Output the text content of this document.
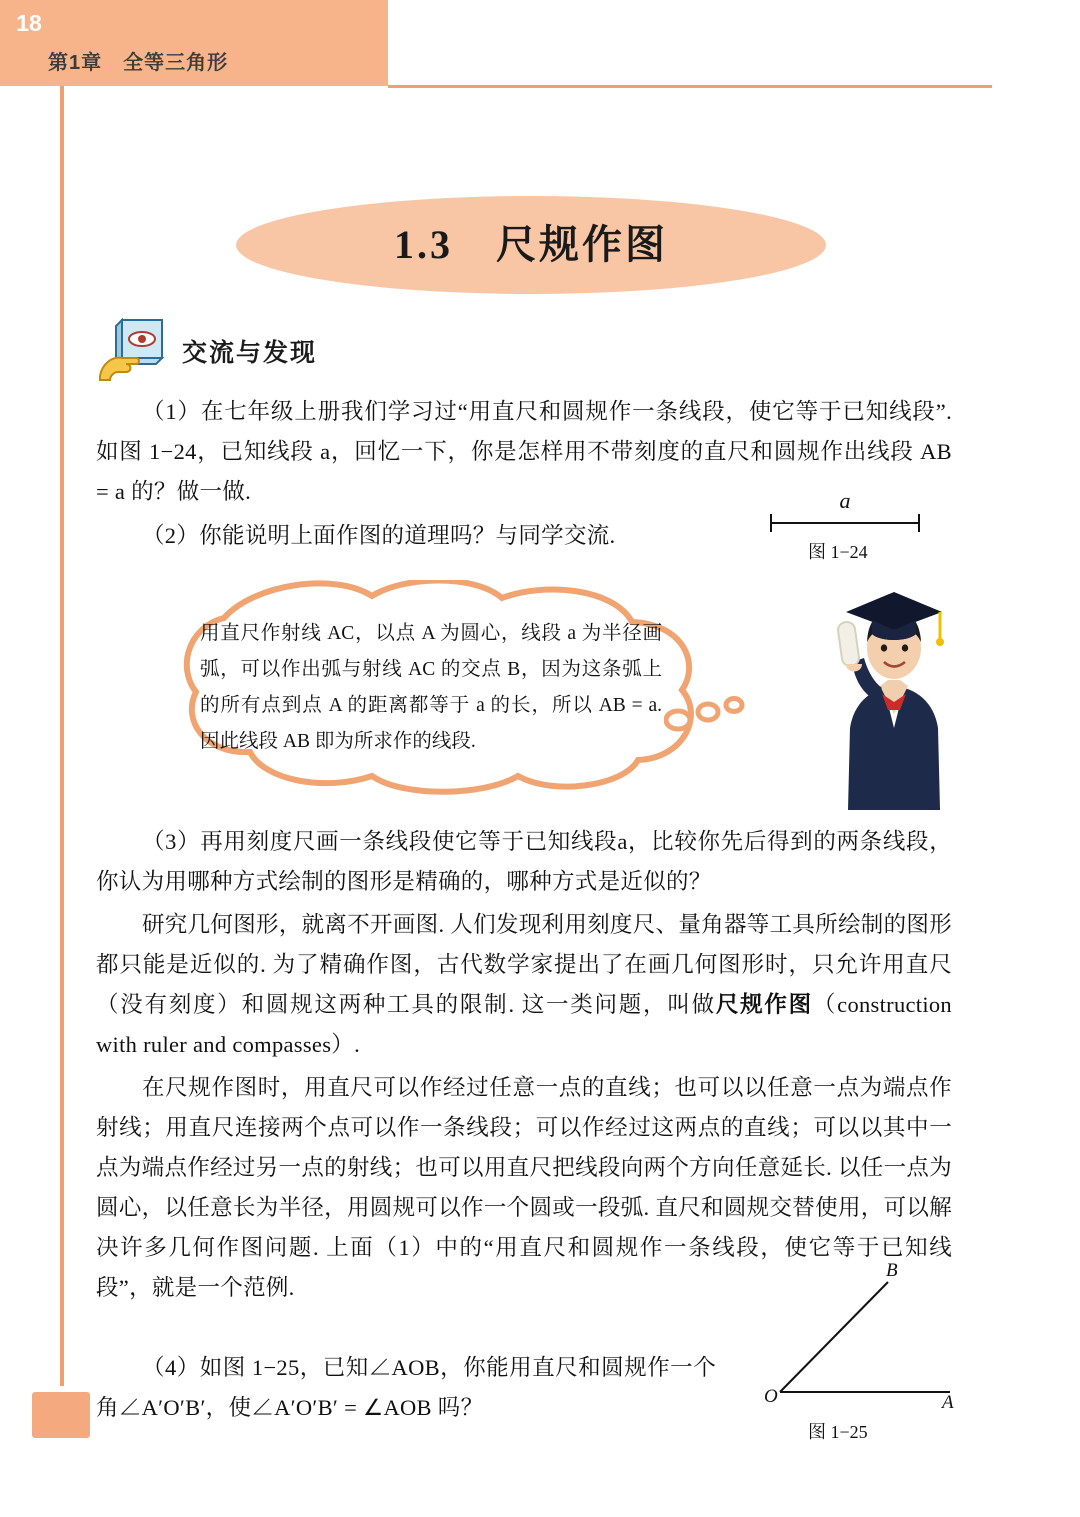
第1章　全等三角形
18
1.3　尺规作图
交流与发现
（1）在七年级上册我们学习过“用直尺和圆规作一条线段，使它等于已知线段”. 如图 1−24，已知线段 a，回忆一下，你是怎样用不带刻度的直尺和圆规作出线段 AB = a 的？做一做.
（2）你能说明上面作图的道理吗？与同学交流.
a
图 1−24
用直尺作射线 AC，以点 A 为圆心，线段 a 为半径画弧，可以作出弧与射线 AC 的交点 B，因为这条弧上的所有点到点 A 的距离都等于 a 的长，所以 AB = a. 因此线段 AB 即为所求作的线段.
（3）再用刻度尺画一条线段使它等于已知线段a，比较你先后得到的两条线段，你认为用哪种方式绘制的图形是精确的，哪种方式是近似的？
研究几何图形，就离不开画图. 人们发现利用刻度尺、量角器等工具所绘制的图形都只能是近似的. 为了精确作图，古代数学家提出了在画几何图形时，只允许用直尺（没有刻度）和圆规这两种工具的限制. 这一类问题，叫做尺规作图（construction with ruler and compasses）.
在尺规作图时，用直尺可以作经过任意一点的直线；也可以以任意一点为端点作射线；用直尺连接两个点可以作一条线段；可以作经过这两点的直线；可以以其中一点为端点作经过另一点的射线；也可以用直尺把线段向两个方向任意延长. 以任一点为圆心，以任意长为半径，用圆规可以作一个圆或一段弧. 直尺和圆规交替使用，可以解决许多几何作图问题. 上面（1）中的“用直尺和圆规作一条线段，使它等于已知线段”，就是一个范例.
（4）如图 1−25，已知∠AOB，你能用直尺和圆规作一个角∠A′O′B′，使∠A′O′B′ = ∠AOB 吗？	O	A
B
图 1−25
